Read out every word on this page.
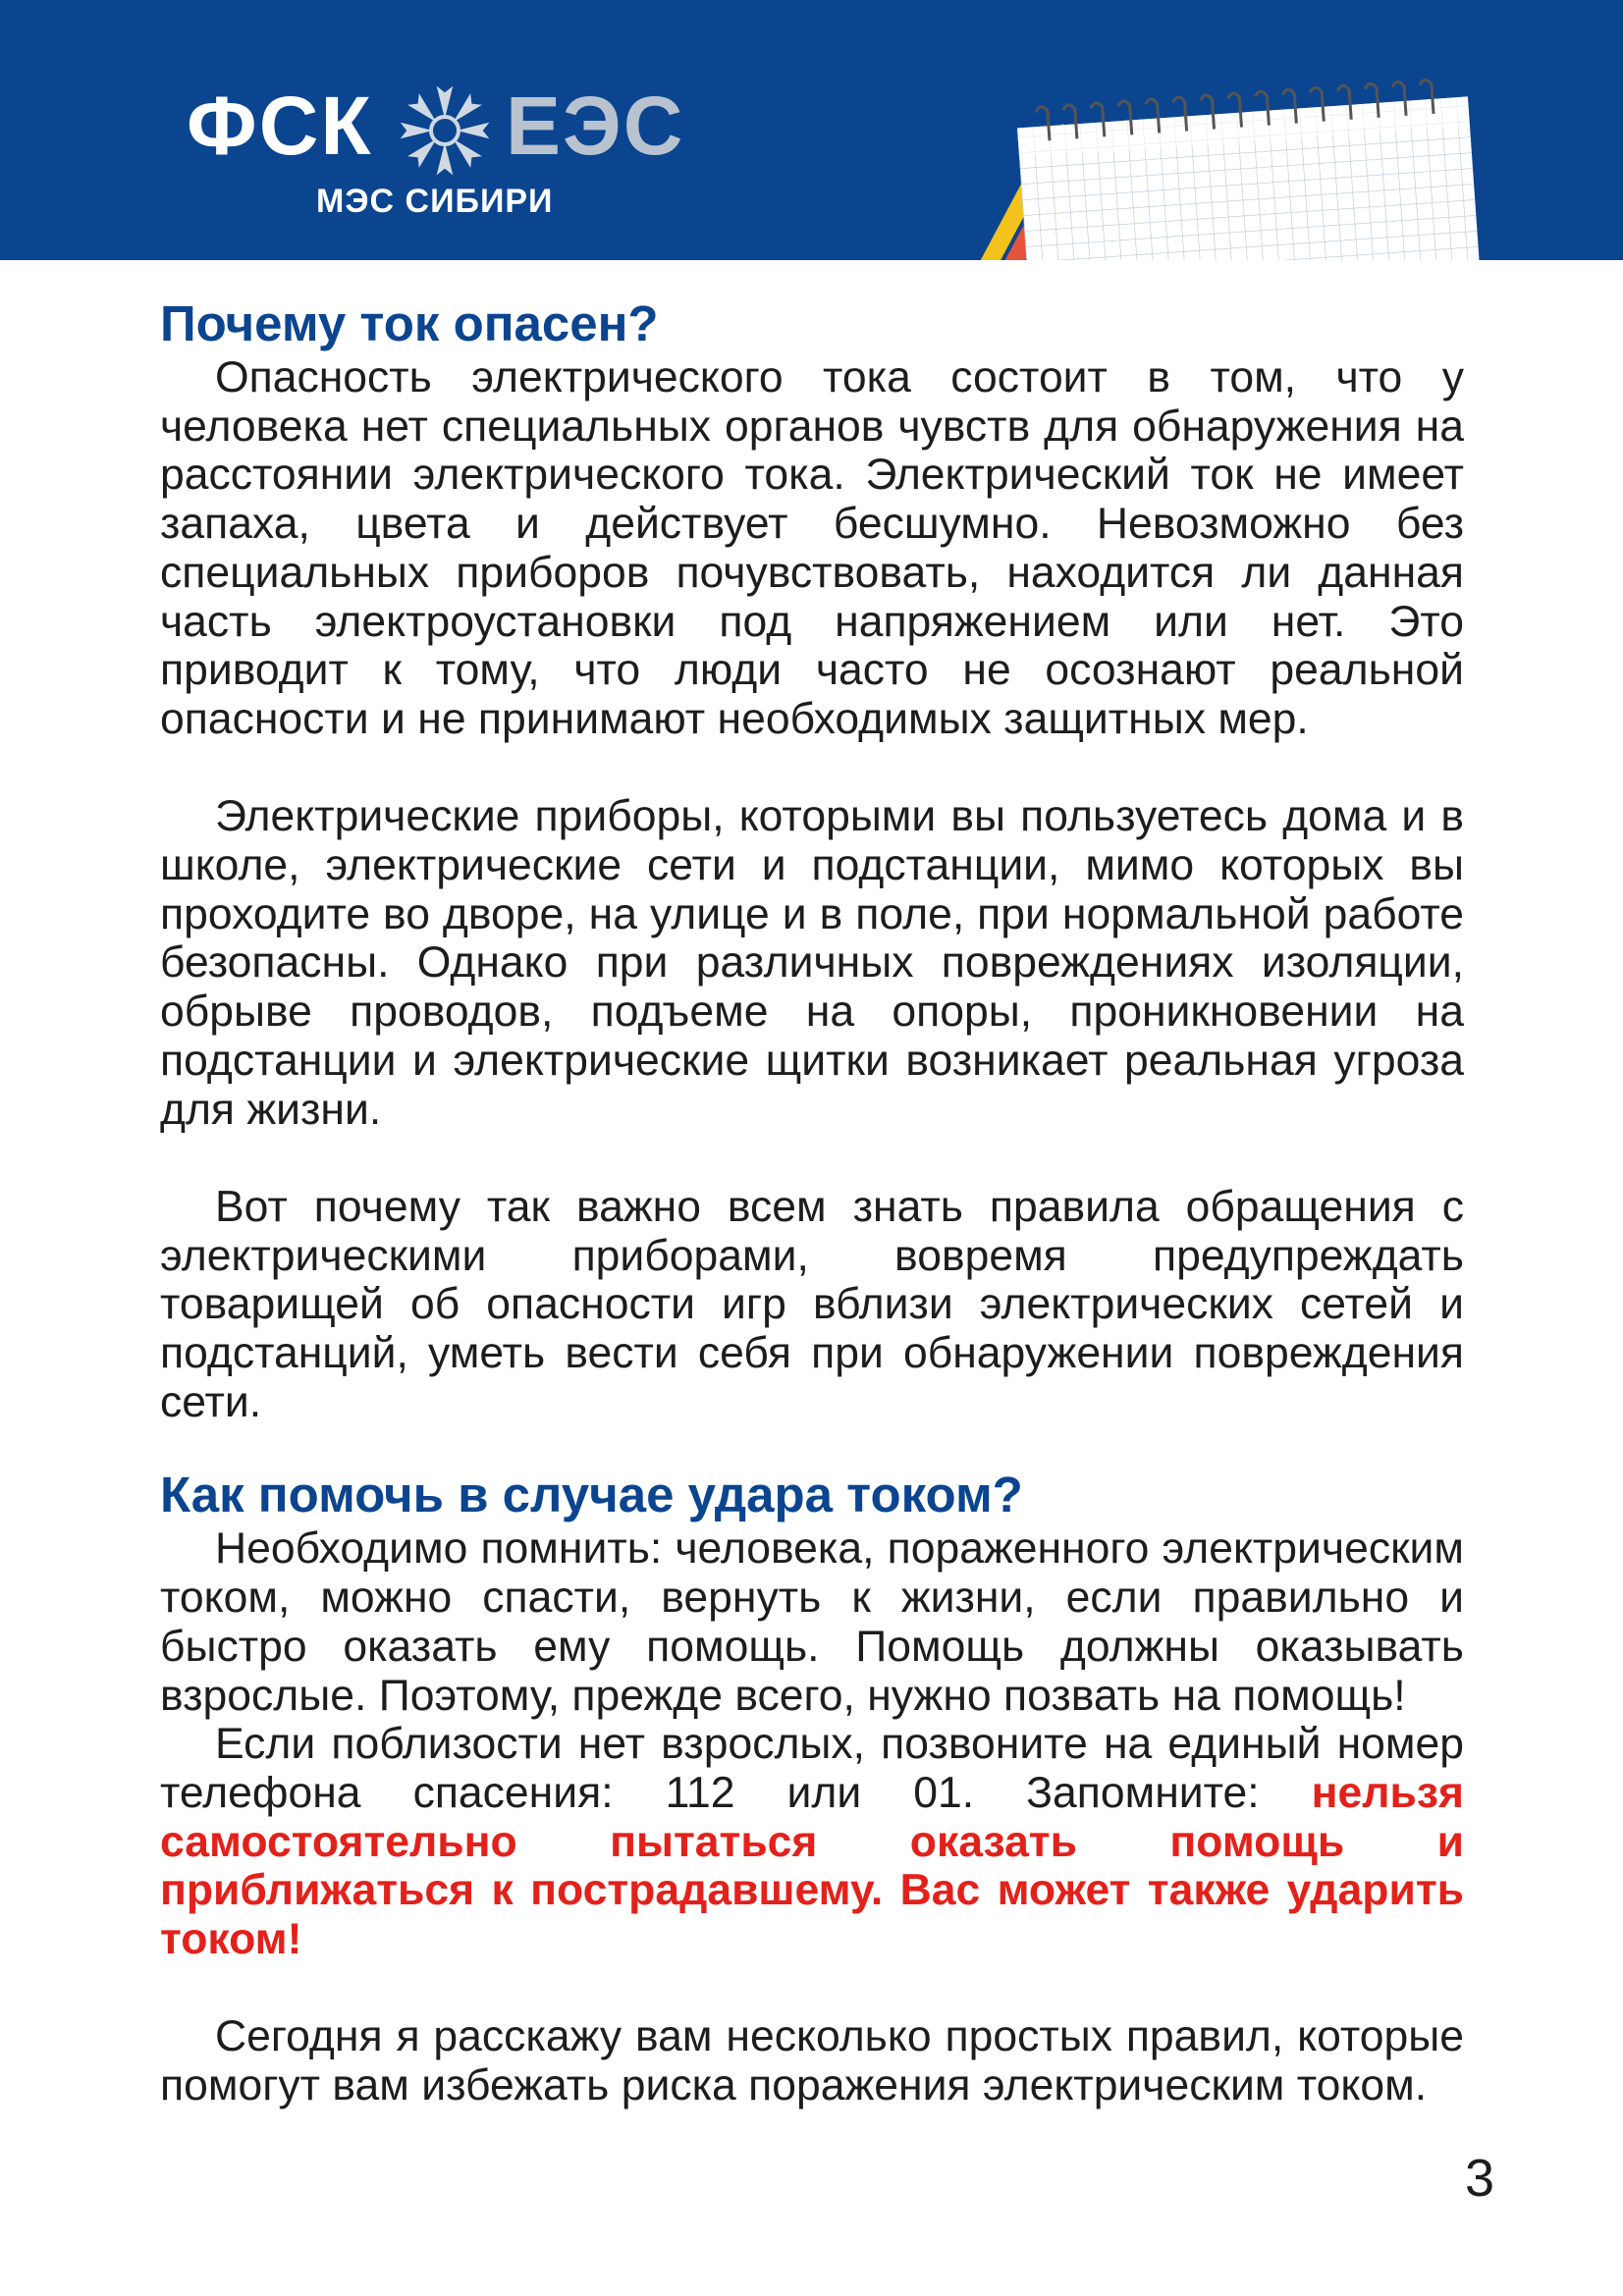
ФСК ЕЭС
МЭС СИБИРИ
Почему ток опасен?

Опасность электрического тока состоит в том, что у человека нет специальных органов чувств для обнаружения на расстоянии электрического тока. Электрический ток не имеет запаха, цвета и действует бесшумно. Невозможно без специальных приборов почувствовать, находится ли данная часть электроустановки под напряжением или нет. Это приводит к тому, что люди часто не осознают реальной опасности и не принимают необходимых защитных мер.

Электрические приборы, которыми вы пользуетесь дома и в школе, электрические сети и подстанции, мимо которых вы проходите во дворе, на улице и в поле, при нормальной работе безопасны. Однако при различных повреждениях изоляции, обрыве проводов, подъеме на опоры, проникновении на подстанции и электрические щитки возникает реальная угроза для жизни.

Вот почему так важно всем знать правила обращения с электрическими приборами, вовремя предупреждать товарищей об опасности игр вблизи электрических сетей и подстанций, уметь вести себя при обнаружении повреждения сети.

Как помочь в случае удара током?

Необходимо помнить: человека, пораженного электрическим током, можно спасти, вернуть к жизни, если правильно и быстро оказать ему помощь. Помощь должны оказывать взрослые. Поэтому, прежде всего, нужно позвать на помощь!

Если поблизости нет взрослых, позвоните на единый номер телефона спасения: 112 или 01. Запомните: нельзя самостоятельно пытаться оказать помощь и приближаться к пострадавшему. Вас может также ударить током!

Сегодня я расскажу вам несколько простых правил, которые помогут вам избежать риска поражения электрическим током.

3
